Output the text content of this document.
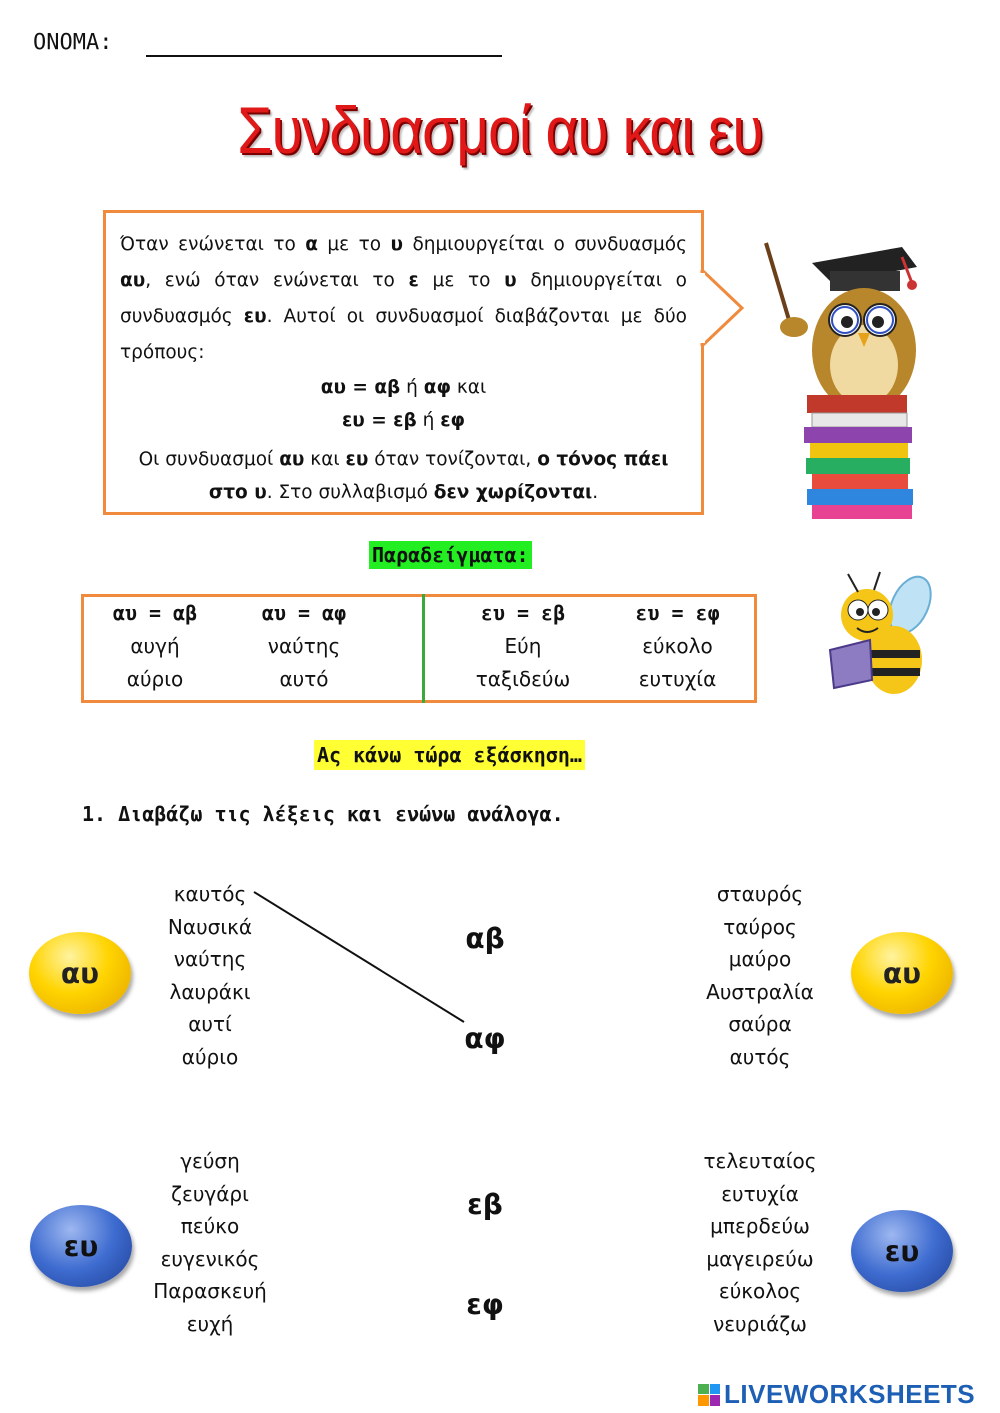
ΟΝΟΜΑ:
Συνδυασμοί αυ και ευ

Όταν ενώνεται το α με το υ δημιουργείται ο συνδυασμός αυ, ενώ όταν ενώνεται το ε με το υ δημιουργείται ο συνδυασμός ευ. Αυτοί οι συνδυασμοί διαβάζονται με δύο τρόπους:

αυ = αβ ή αφ και

ευ = εβ ή εφ

Οι συνδυασμοί αυ και ευ όταν τονίζονται, ο τόνος πάει στο υ. Στο συλλαβισμό δεν χωρίζονται.

Παραδείγματα:
αυ = αβ
αυγή
αύριο
αυ = αφ
ναύτης
αυτό
ευ = εβ
Εύη
ταξιδεύω
ευ = εφ
εύκολο
ευτυχία
Ας κάνω τώρα εξάσκηση…
1. Διαβάζω τις λέξεις και ενώνω ανάλογα.
αυ
καυτός
Ναυσικά
ναύτης
λαυράκι
αυτί
αύριο
αβ
αφ
σταυρός
ταύρος
μαύρο
Αυστραλία
σαύρα
αυτός
αυ
ευ
γεύση
ζευγάρι
πεύκο
ευγενικός
Παρασκευή
ευχή
εβ
εφ
τελευταίος
ευτυχία
μπερδεύω
μαγειρεύω
εύκολος
νευριάζω
ευ
LIVEWORKSHEETS
